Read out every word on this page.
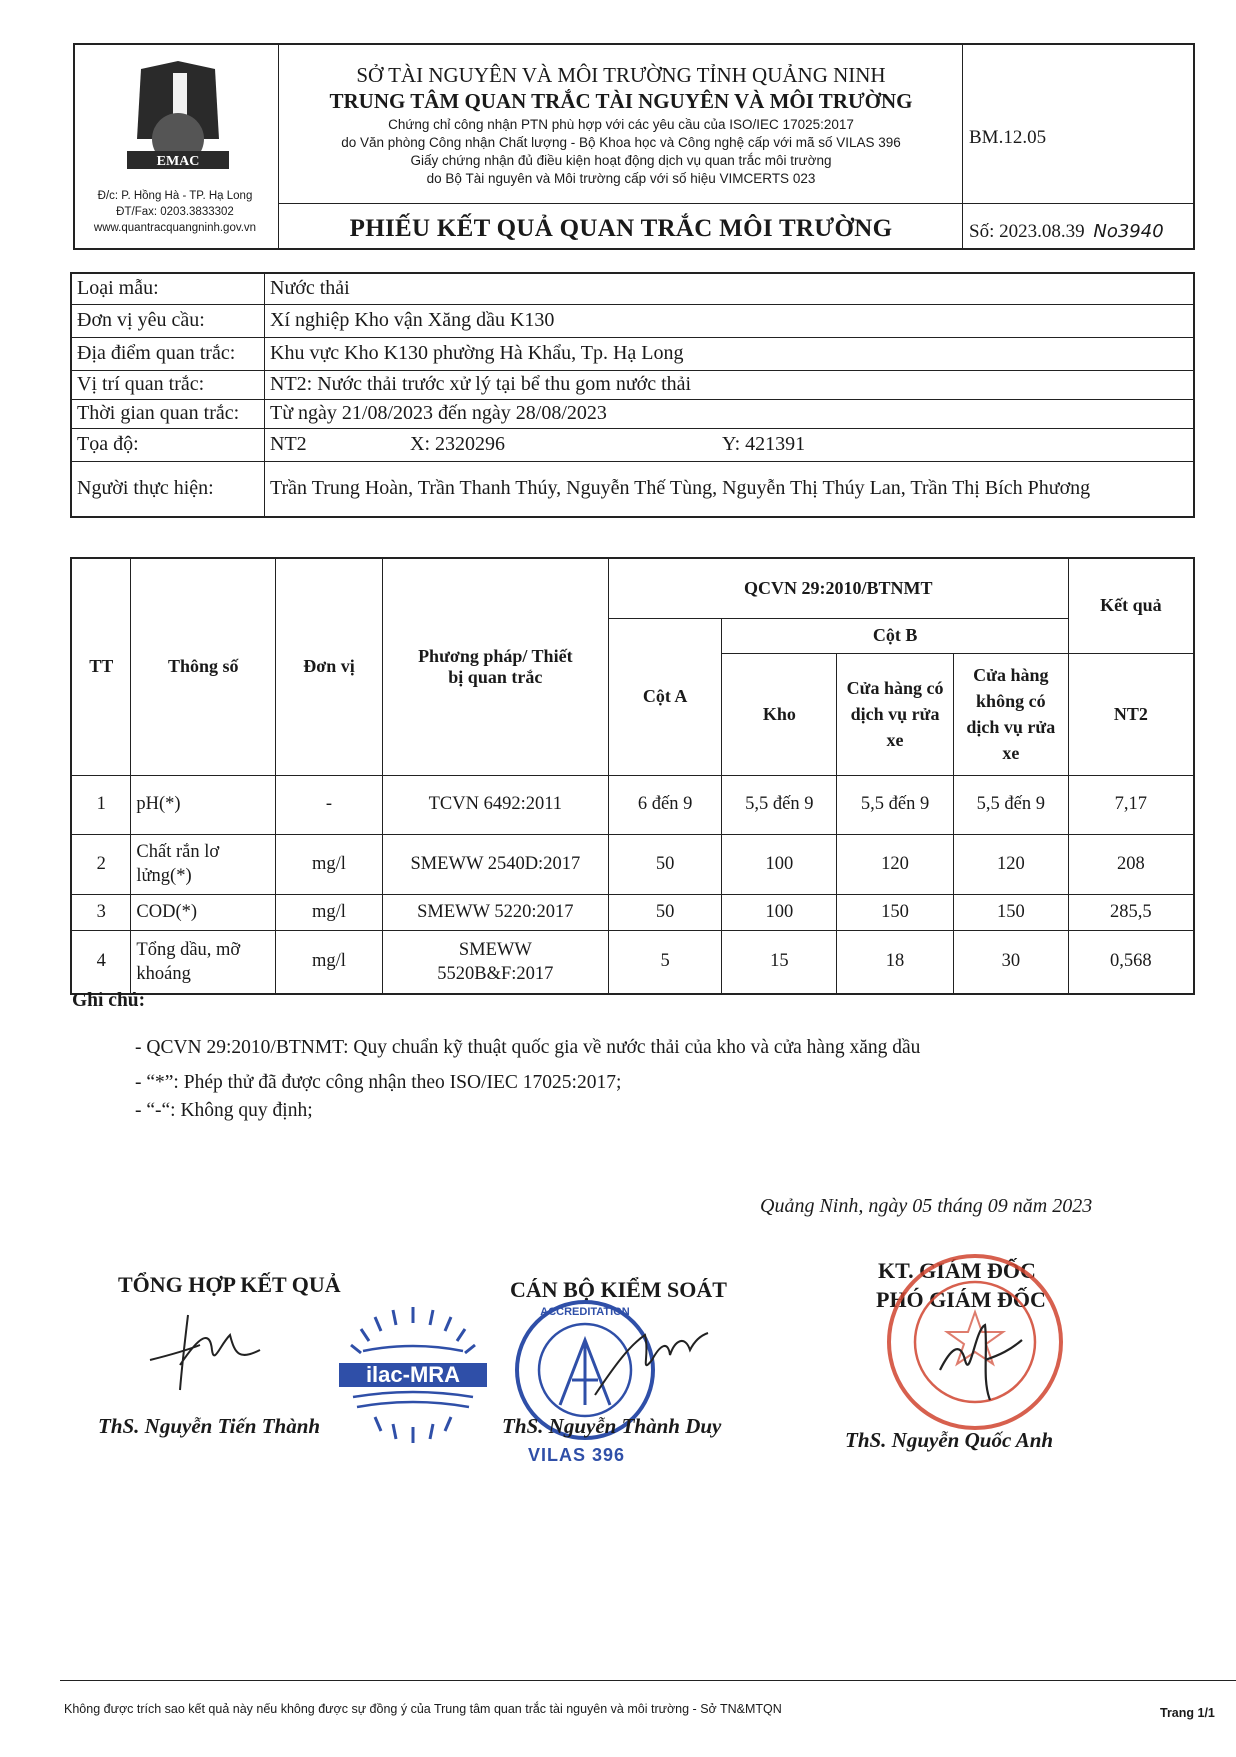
EMAC
Đ/c: P. Hồng Hà - TP. Hạ Long
ĐT/Fax: 0203.3833302
www.quantracquangninh.gov.vn
SỞ TÀI NGUYÊN VÀ MÔI TRƯỜNG TỈNH QUẢNG NINH
TRUNG TÂM QUAN TRẮC TÀI NGUYÊN VÀ MÔI TRƯỜNG
Chứng chỉ công nhận PTN phù hợp với các yêu cầu của ISO/IEC 17025:2017
do Văn phòng Công nhận Chất lượng - Bộ Khoa học và Công nghệ cấp với mã số VILAS 396
Giấy chứng nhận đủ điều kiện hoạt động dịch vụ quan trắc môi trường
do Bộ Tài nguyên và Môi trường cấp với số hiệu VIMCERTS 023
PHIẾU KẾT QUẢ QUAN TRẮC MÔI TRƯỜNG
BM.12.05
Số: 2023.08.39 No3940
Loại mẫu:	Nước thải
Đơn vị yêu cầu:	Xí nghiệp Kho vận Xăng dầu K130
Địa điểm quan trắc:	Khu vực Kho K130 phường Hà Khẩu, Tp. Hạ Long
Vị trí quan trắc:	NT2: Nước thải trước xử lý tại bể thu gom nước thải
Thời gian quan trắc:	Từ ngày 21/08/2023 đến ngày 28/08/2023
Tọa độ:	NT2 X: 2320296 Y: 421391
Người thực hiện:	Trần Trung Hoàn, Trần Thanh Thúy, Nguyễn Thế Tùng, Nguyễn Thị Thúy Lan, Trần Thị Bích Phương
TT	Thông số	Đơn vị	Phương pháp/ Thiết bị quan trắc	QCVN 29:2010/BTNMT				Kết quả
				Cột A	Cột B			
					Kho	Cửa hàng có dịch vụ rửa xe	Cửa hàng không có dịch vụ rửa xe	NT2
1	pH(*)	-	TCVN 6492:2011	6 đến 9	5,5 đến 9	5,5 đến 9	5,5 đến 9	7,17
2	Chất rắn lơ lửng(*)	mg/l	SMEWW 2540D:2017	50	100	120	120	208
3	COD(*)	mg/l	SMEWW 5220:2017	50	100	150	150	285,5
4	Tổng dầu, mỡ khoáng	mg/l	SMEWW 5520B&F:2017	5	15	18	30	0,568
Ghi chú:
- QCVN 29:2010/BTNMT: Quy chuẩn kỹ thuật quốc gia về nước thải của kho và cửa hàng xăng dầu
- “*”: Phép thử đã được công nhận theo ISO/IEC 17025:2017;
- “-“: Không quy định;
Quảng Ninh, ngày 05 tháng 09 năm 2023
TỔNG HỢP KẾT QUẢ
ThS. Nguyễn Tiến Thành
ilac-MRA
CÁN BỘ KIỂM SOÁT
ACCREDITATION
ThS. Nguyễn Thành Duy
VILAS 396
KT. GIÁM ĐỐC
PHÓ GIÁM ĐỐC
ThS. Nguyễn Quốc Anh
Không được trích sao kết quả này nếu không được sự đồng ý của Trung tâm quan trắc tài nguyên và môi trường - Sở TN&MTQN	Trang 1/1
